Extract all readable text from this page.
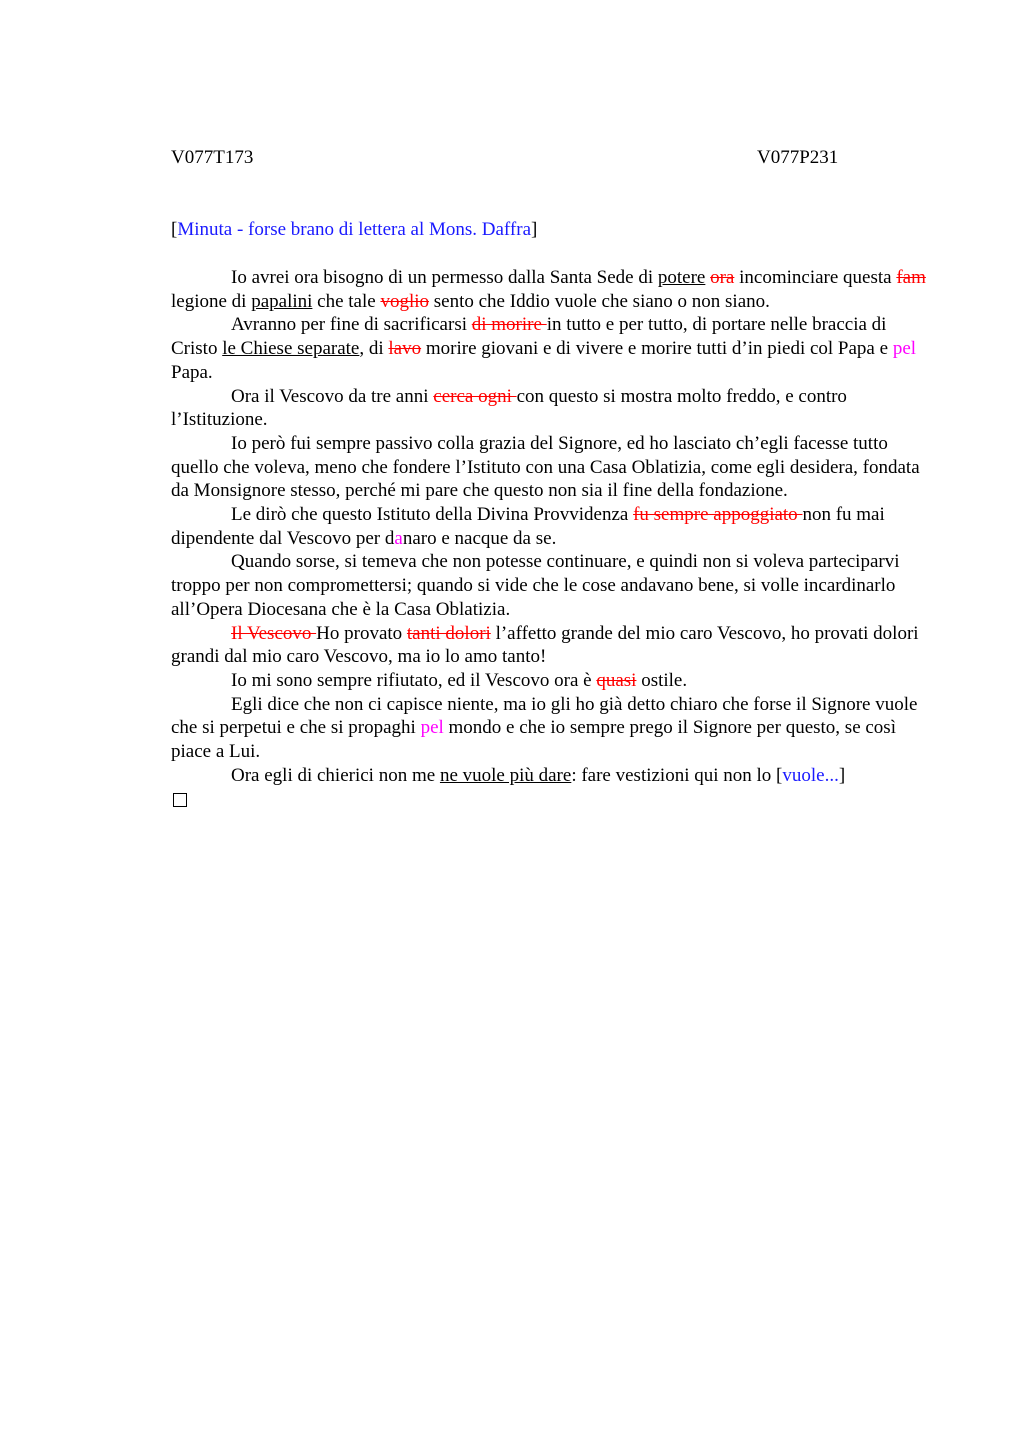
V077T173	V077P231
[Minuta - forse brano di lettera al Mons. Daffra]

Io avrei ora bisogno di un permesso dalla Santa Sede di potere ora incominciare questa fam legione di papalini che tale voglio sento che Iddio vuole che siano o non siano.

Avranno per fine di sacrificarsi di morire in tutto e per tutto, di portare nelle braccia di Cristo le Chiese separate, di lavo morire giovani e di vivere e morire tutti d’in piedi col Papa e pel Papa.

Ora il Vescovo da tre anni cerca ogni con questo si mostra molto freddo, e contro l’Istituzione.

Io però fui sempre passivo colla grazia del Signore, ed ho lasciato ch’egli facesse tutto quello che voleva, meno che fondere l’Istituto con una Casa Oblatizia, come egli desidera, fondata da Monsignore stesso, perché mi pare che questo non sia il fine della fondazione.

Le dirò che questo Istituto della Divina Provvidenza fu sempre appoggiato non fu mai dipendente dal Vescovo per danaro e nacque da se.

Quando sorse, si temeva che non potesse continuare, e quindi non si voleva parteciparvi troppo per non compromettersi; quando si vide che le cose andavano bene, si volle incardinarlo all’Opera Diocesana che è la Casa Oblatizia.

Il Vescovo Ho provato tanti dolori l’affetto grande del mio caro Vescovo, ho provati dolori grandi dal mio caro Vescovo, ma io lo amo tanto!

Io mi sono sempre rifiutato, ed il Vescovo ora è quasi ostile.

Egli dice che non ci capisce niente, ma io gli ho già detto chiaro che forse il Signore vuole che si perpetui e che si propaghi pel mondo e che io sempre prego il Signore per questo, se così piace a Lui.

Ora egli di chierici non me ne vuole più dare: fare vestizioni qui non lo [vuole...]
